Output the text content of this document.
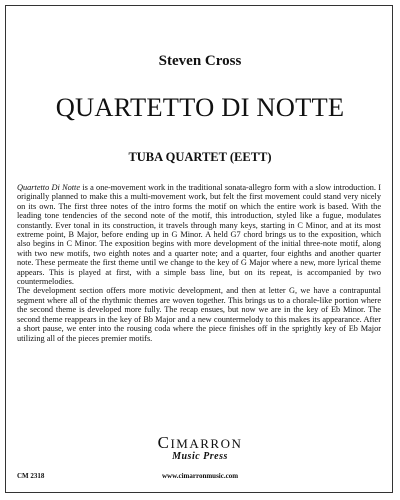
Steven Cross
QUARTETTO DI NOTTE
TUBA QUARTET (EETT)

Quartetto Di Notte is a one-movement work in the traditional sonata-allegro form with a slow introduction. I originally planned to make this a multi-movement work, but felt the first movement could stand very nicely on its own. The first three notes of the intro forms the motif on which the entire work is based. With the leading tone tendencies of the second note of the motif, this introduction, styled like a fugue, modulates constantly. Ever tonal in its construction, it travels through many keys, starting in C Minor, and at its most extreme point, B Major, before ending up in G Minor. A held G7 chord brings us to the exposition, which also begins in C Minor. The exposition begins with more development of the initial three-note motif, along with two new motifs, two eighth notes and a quarter note; and a quarter, four eighths and another quarter note. These permeate the first theme until we change to the key of G Major where a new, more lyrical theme appears. This is played at first, with a simple bass line, but on its repeat, is accompanied by two countermelodies.

The development section offers more motivic development, and then at letter G, we have a contrapuntal segment where all of the rhythmic themes are woven together. This brings us to a chorale-like portion where the second theme is developed more fully. The recap ensues, but now we are in the key of Eb Minor. The second theme reappears in the key of Bb Major and a new countermelody to this makes its appearance. After a short pause, we enter into the rousing coda where the piece finishes off in the sprightly key of Eb Major utilizing all of the pieces premier motifs.

CIMARRON
Music Press
CM 2318	www.cimarronmusic.com
